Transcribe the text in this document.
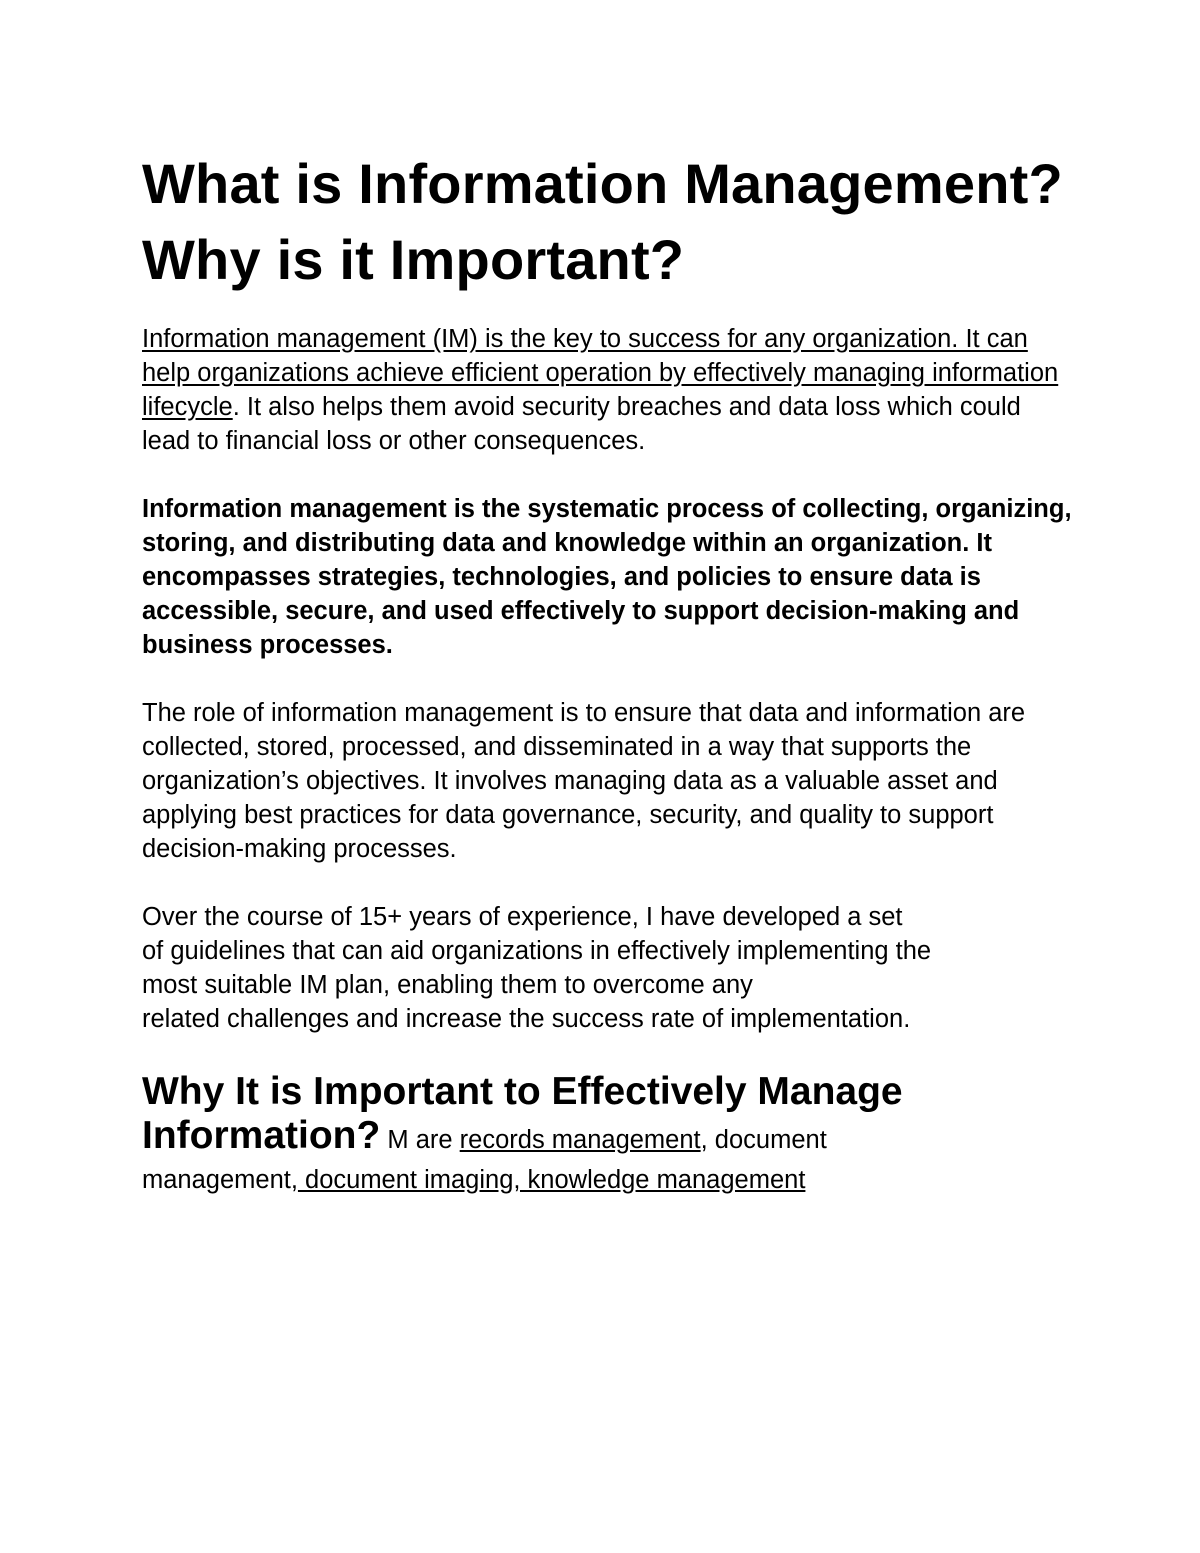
What is Information Management? Why is it Important?

Information management (IM) is the key to success for any organization. It can help organizations achieve efficient operation by effectively managing information lifecycle. It also helps them avoid security breaches and data loss which could lead to financial loss or other consequences.

Information management is the systematic process of collecting, organizing, storing, and distributing data and knowledge within an organization. It encompasses strategies, technologies, and policies to ensure data is accessible, secure, and used effectively to support decision-making and business processes.

The role of information management is to ensure that data and information are collected, stored, processed, and disseminated in a way that supports the organization’s objectives. It involves managing data as a valuable asset and applying best practices for data governance, security, and quality to support decision-making processes.

Over the course of 15+ years of experience, I have developed a set
of guidelines that can aid organizations in effectively implementing the
most suitable IM plan, enabling them to overcome any
related challenges and increase the success rate of implementation.

Why It is Important to Effectively Manage
Information? M are records management, document

management, document imaging, knowledge management
